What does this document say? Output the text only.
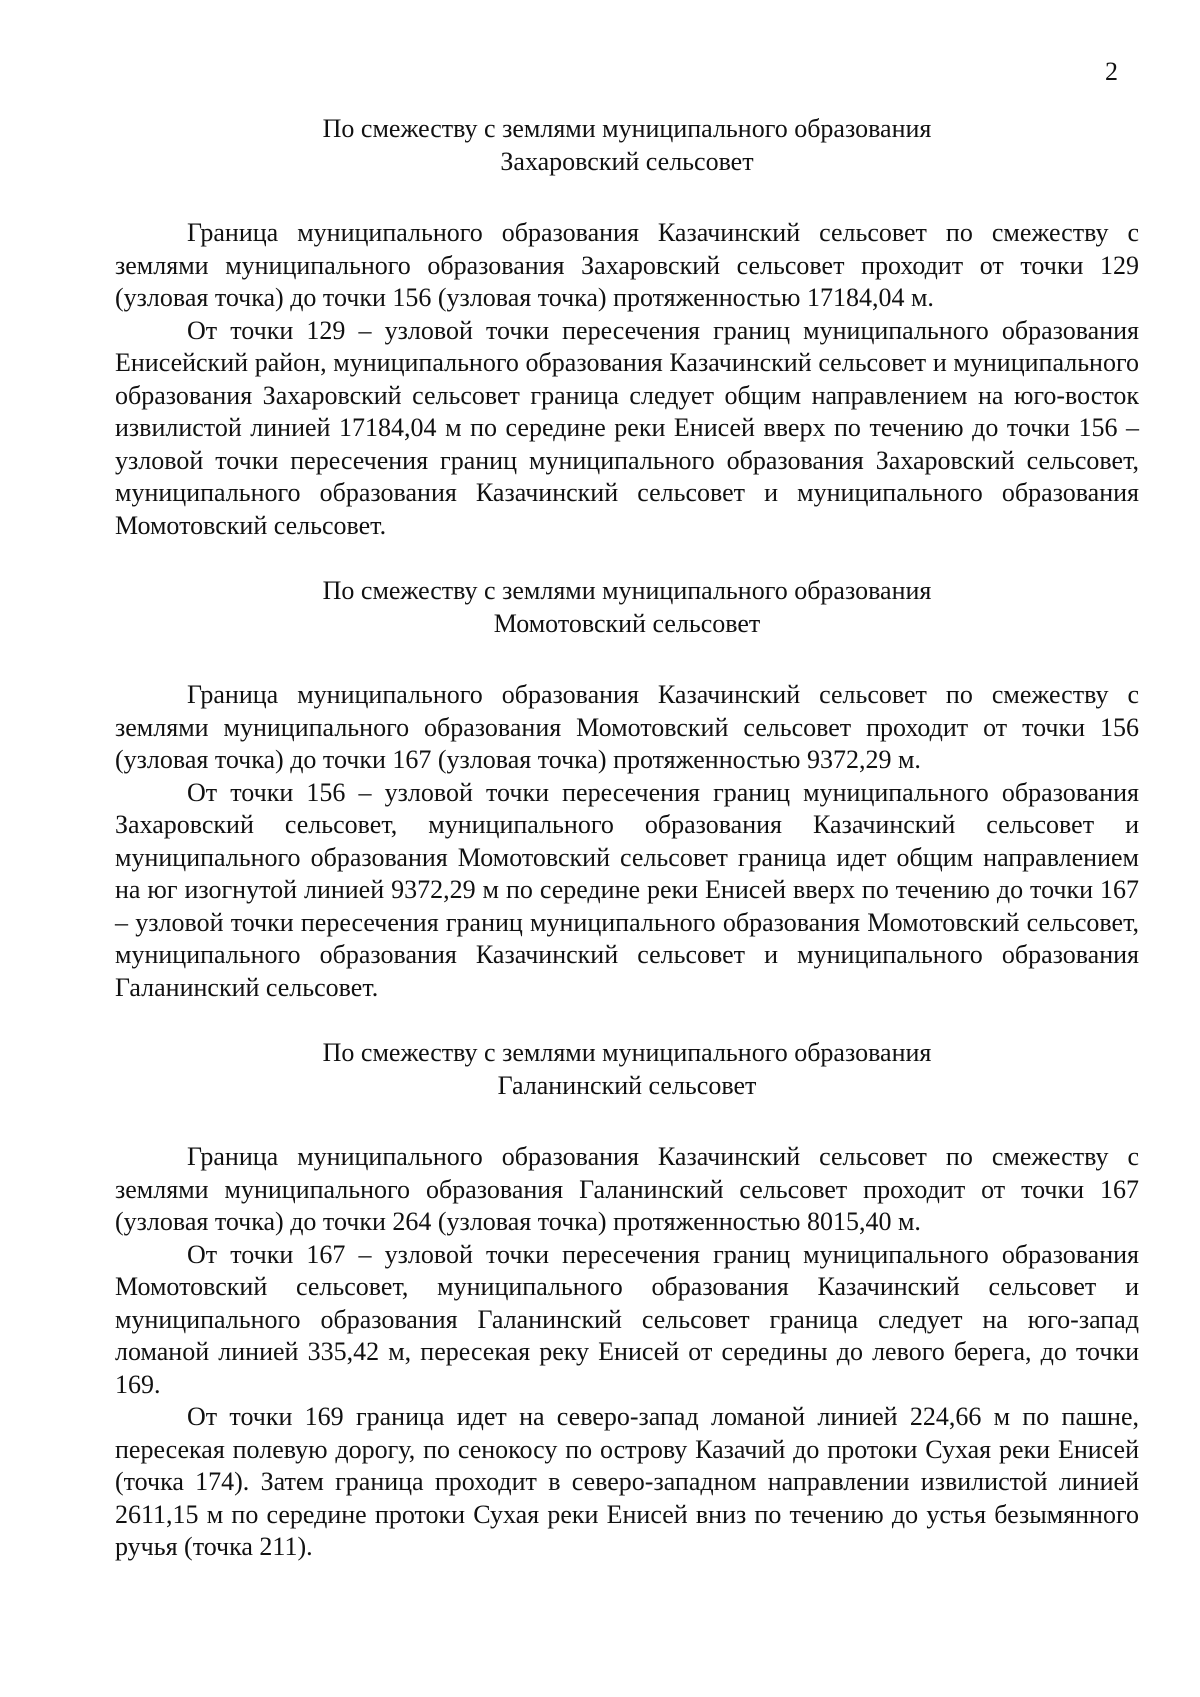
2

По смежеству с землями муниципального образования

Захаровский сельсовет

Граница муниципального образования Казачинский сельсовет по смежеству с землями муниципального образования Захаровский сельсовет проходит от точки 129 (узловая точка) до точки 156 (узловая точка) протяженностью 17184,04 м.

От точки 129 – узловой точки пересечения границ муниципального образования Енисейский район, муниципального образования Казачинский сельсовет и муниципального образования Захаровский сельсовет граница следует общим направлением на юго-восток извилистой линией 17184,04 м по середине реки Енисей вверх по течению до точки 156 – узловой точки пересечения границ муниципального образования Захаровский сельсовет, муниципального образования Казачинский сельсовет и муниципального образования Момотовский сельсовет.

По смежеству с землями муниципального образования

Момотовский сельсовет

Граница муниципального образования Казачинский сельсовет по смежеству с землями муниципального образования Момотовский сельсовет проходит от точки 156 (узловая точка) до точки 167 (узловая точка) протяженностью 9372,29 м.

От точки 156 – узловой точки пересечения границ муниципального образования Захаровский сельсовет, муниципального образования Казачинский сельсовет и муниципального образования Момотовский сельсовет граница идет общим направлением на юг изогнутой линией 9372,29 м по середине реки Енисей вверх по течению до точки 167 – узловой точки пересечения границ муниципального образования Момотовский сельсовет, муниципального образования Казачинский сельсовет и муниципального образования Галанинский сельсовет.

По смежеству с землями муниципального образования

Галанинский сельсовет

Граница муниципального образования Казачинский сельсовет по смежеству с землями муниципального образования Галанинский сельсовет проходит от точки 167 (узловая точка) до точки 264 (узловая точка) протяженностью 8015,40 м.

От точки 167 – узловой точки пересечения границ муниципального образования Момотовский сельсовет, муниципального образования Казачинский сельсовет и муниципального образования Галанинский сельсовет граница следует на юго-запад ломаной линией 335,42 м, пересекая реку Енисей от середины до левого берега, до точки 169.

От точки 169 граница идет на северо-запад ломаной линией 224,66 м по пашне, пересекая полевую дорогу, по сенокосу по острову Казачий до протоки Сухая реки Енисей (точка 174). Затем граница проходит в северо-западном направлении извилистой линией 2611,15 м по середине протоки Сухая реки Енисей вниз по течению до устья безымянного ручья (точка 211).
